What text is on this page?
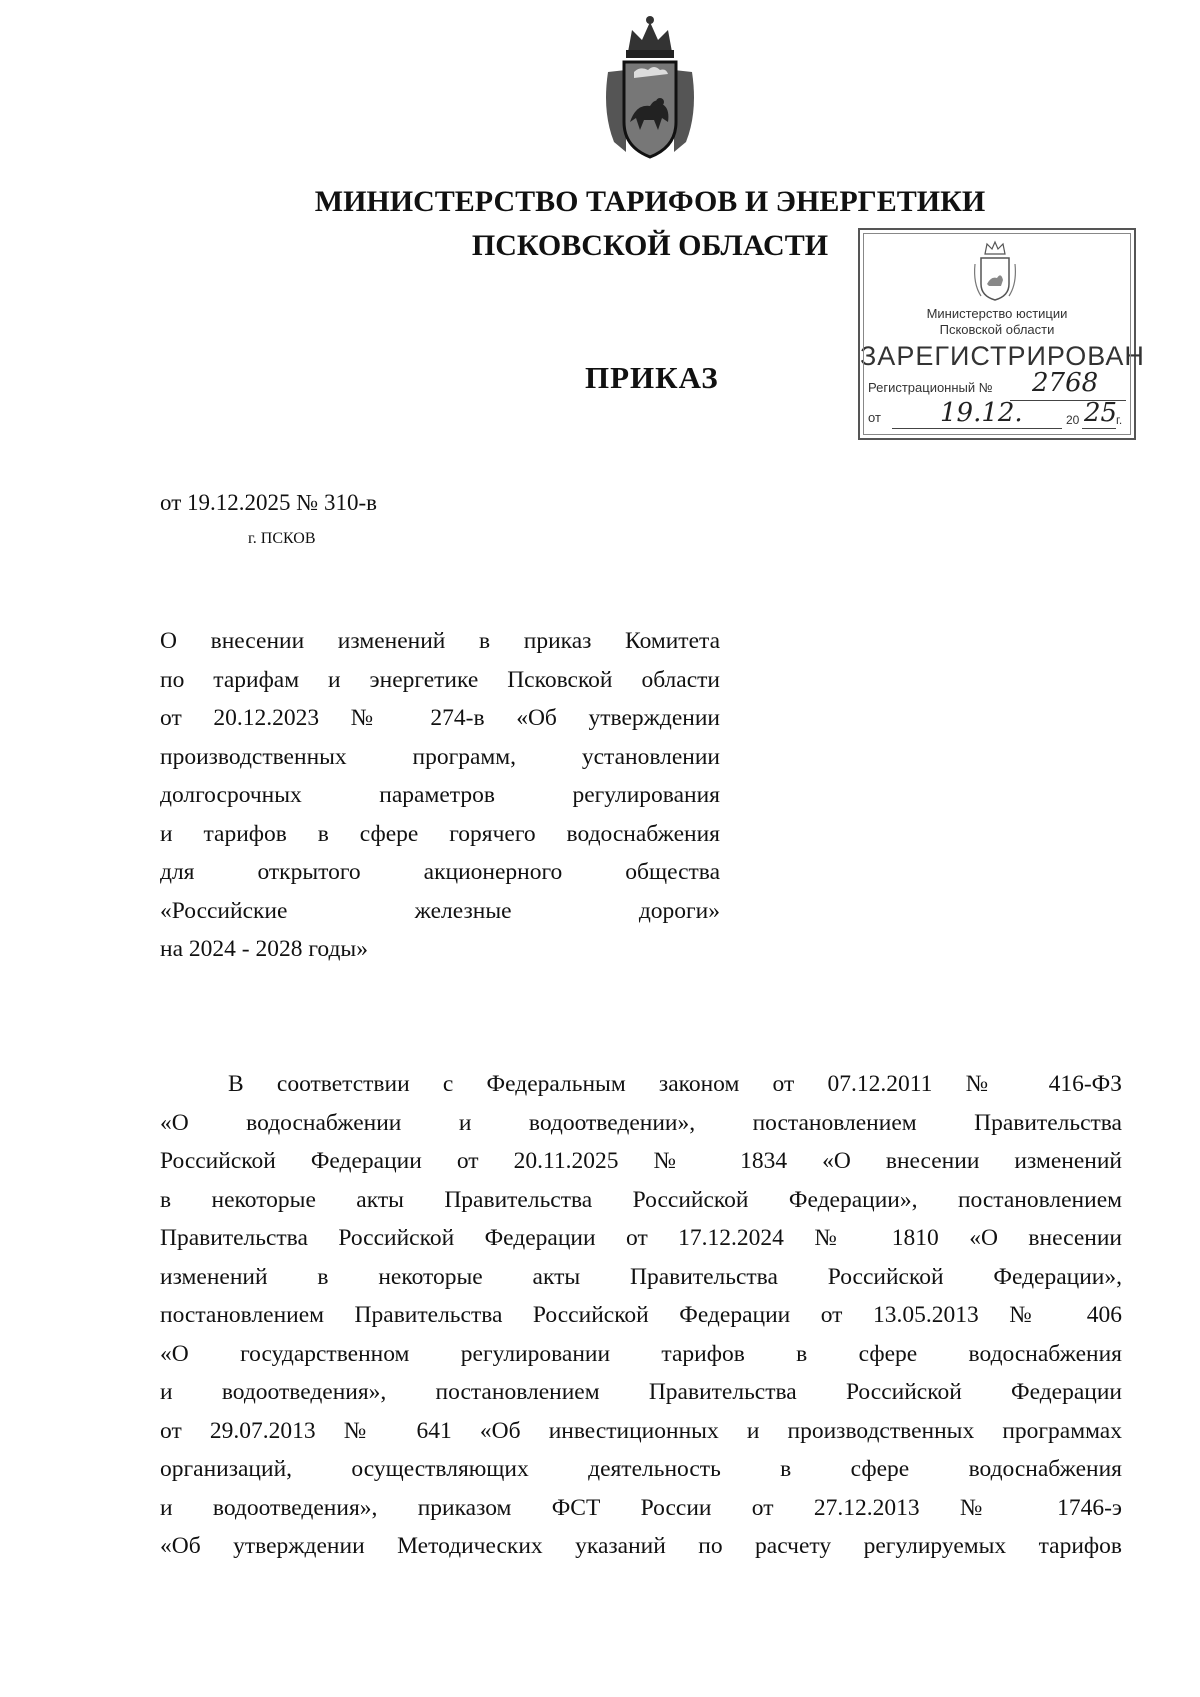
МИНИСТЕРСТВО ТАРИФОВ И ЭНЕРГЕТИКИ
ПСКОВСКОЙ ОБЛАСТИ
Министерство юстиции
Псковской области
ЗАРЕГИСТРИРОВАН
Регистрационный № 2768
от 19.12.	20 25
г.
ПРИКАЗ
от 19.12.2025 № 310-в
г. ПСКОВ
О внесении изменений в приказ Комитета
по тарифам и энергетике Псковской области
от 20.12.2023 № 274-в «Об утверждении
производственных программ, установлении
долгосрочных параметров регулирования
и тарифов в сфере горячего водоснабжения
для открытого акционерного общества
«Российские железные дороги»
на 2024 - 2028 годы»
В соответствии с Федеральным законом от 07.12.2011 № 416-ФЗ
«О водоснабжении и водоотведении», постановлением Правительства
Российской Федерации от 20.11.2025 № 1834 «О внесении изменений
в некоторые акты Правительства Российской Федерации», постановлением
Правительства Российской Федерации от 17.12.2024 № 1810 «О внесении
изменений в некоторые акты Правительства Российской Федерации»,
постановлением Правительства Российской Федерации от 13.05.2013 № 406
«О государственном регулировании тарифов в сфере водоснабжения
и водоотведения», постановлением Правительства Российской Федерации
от 29.07.2013 № 641 «Об инвестиционных и производственных программах
организаций, осуществляющих деятельность в сфере водоснабжения
и водоотведения», приказом ФСТ России от 27.12.2013 № 1746-э
«Об утверждении Методических указаний по расчету регулируемых тарифов
